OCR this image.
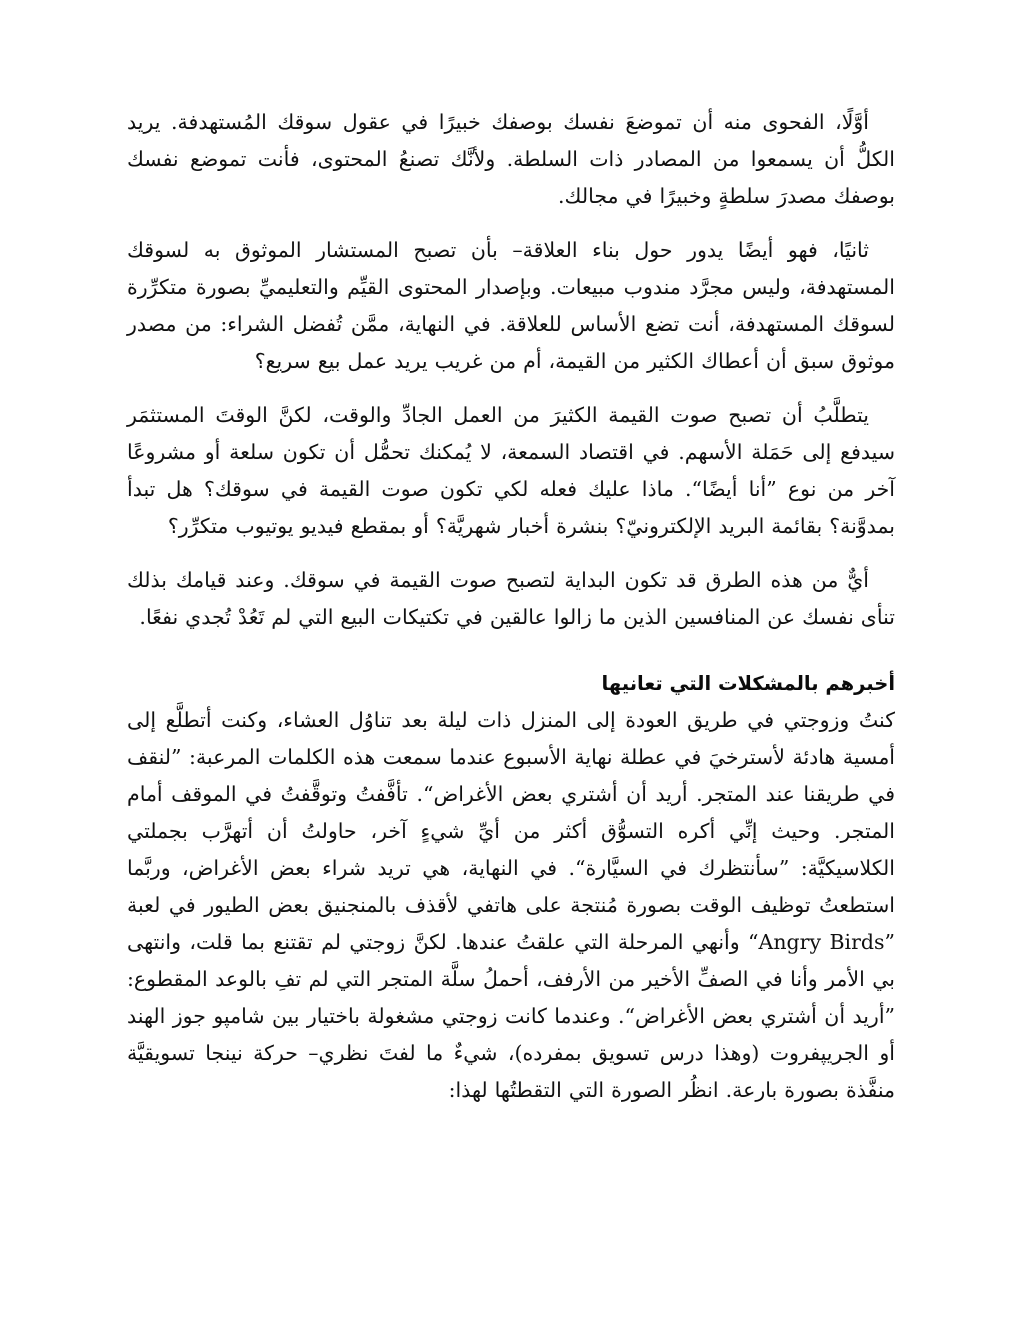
أوَّلًا، الفحوى منه أن تموضعَ نفسك بوصفك خبيرًا في عقول سوقك المُستهدفة. يريد الكلُّ أن يسمعوا من المصادر ذات السلطة. ولأنَّك تصنعُ المحتوى، فأنت تموضع نفسك بوصفك مصدرَ سلطةٍ وخبيرًا في مجالك.

ثانيًا، فهو أيضًا يدور حول بناء العلاقة– بأن تصبح المستشار الموثوق به لسوقك المستهدفة، وليس مجرَّد مندوب مبيعات. وبإصدار المحتوى القيِّم والتعليميِّ بصورة متكرِّرة لسوقك المستهدفة، أنت تضع الأساس للعلاقة. في النهاية، ممَّن تُفضل الشراء: من مصدر موثوق سبق أن أعطاك الكثير من القيمة، أم من غريب يريد عمل بيع سريع؟

يتطلَّبُ أن تصبح صوت القيمة الكثيرَ من العمل الجادِّ والوقت، لكنَّ الوقتَ المستثمَر سيدفع إلى حَمَلة الأسهم. في اقتصاد السمعة، لا يُمكنك تحمُّل أن تكون سلعة أو مشروعًا آخر من نوع ”أنا أيضًا“. ماذا عليك فعله لكي تكون صوت القيمة في سوقك؟ هل تبدأ بمدوَّنة؟ بقائمة البريد الإلكترونيّ؟ بنشرة أخبار شهريَّة؟ أو بمقطع فيديو يوتيوب متكرِّر؟

أيٌّ من هذه الطرق قد تكون البداية لتصبح صوت القيمة في سوقك. وعند قيامك بذلك تنأى نفسك عن المنافسين الذين ما زالوا عالقين في تكتيكات البيع التي لم تَعُدْ تُجدي نفعًا.

أخبرهم بالمشكلات التي تعانيها

كنتُ وزوجتي في طريق العودة إلى المنزل ذات ليلة بعد تناوُل العشاء، وكنت أتطلَّع إلى أمسية هادئة لأسترخيَ في عطلة نهاية الأسبوع عندما سمعت هذه الكلمات المرعبة: ”لنقف في طريقنا عند المتجر. أريد أن أشتري بعض الأغراض“. تأفَّفتُ وتوقَّفتُ في الموقف أمام المتجر. وحيث إنِّي أكره التسوُّق أكثر من أيِّ شيءٍ آخر، حاولتُ أن أتهرَّب بجملتي الكلاسيكيَّة: ”سأنتظرك في السيَّارة“. في النهاية، هي تريد شراء بعض الأغراض، وربَّما استطعتُ توظيف الوقت بصورة مُنتجة على هاتفي لأقذف بالمنجنيق بعض الطيور في لعبة ”Angry Birds“ وأنهي المرحلة التي علقتُ عندها. لكنَّ زوجتي لم تقتنع بما قلت، وانتهى بي الأمر وأنا في الصفِّ الأخير من الأرفف، أحملُ سلَّة المتجر التي لم تفِ بالوعد المقطوع: ”أريد أن أشتري بعض الأغراض“. وعندما كانت زوجتي مشغولة باختيار بين شامپو جوز الهند أو الجريپفروت (وهذا درس تسويق بمفرده)، شيءٌ ما لفتَ نظري– حركة نينجا تسويقيَّة منفَّذة بصورة بارعة. انظُر الصورة التي التقطتُها لهذا:
